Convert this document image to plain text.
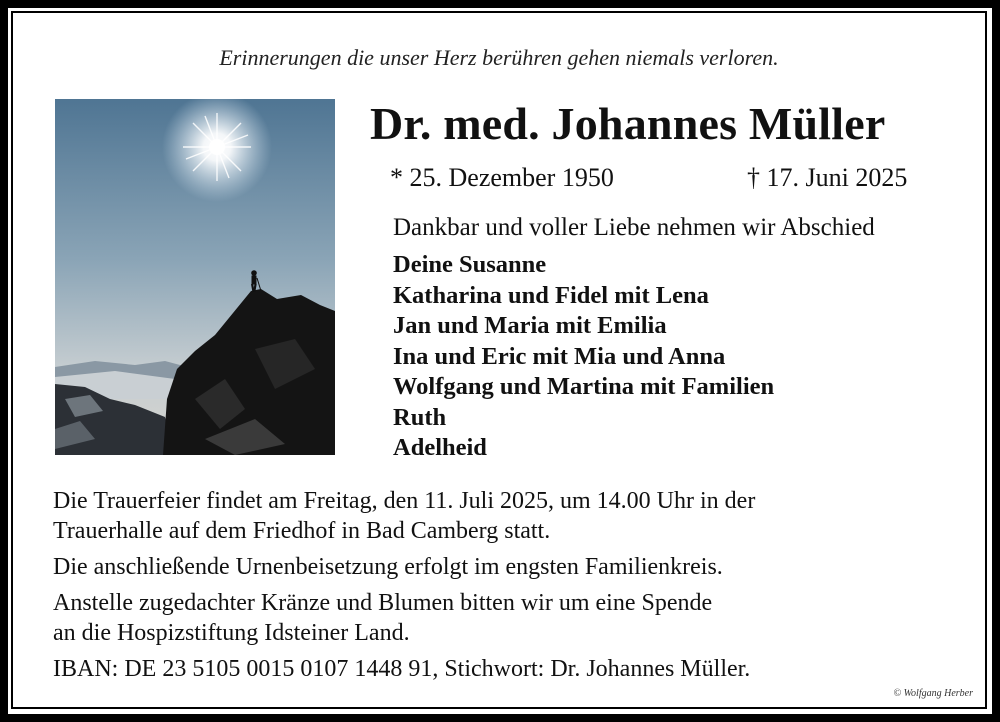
Erinnerungen die unser Herz berühren gehen niemals verloren.
Dr. med. Johannes Müller
* 25. Dezember 1950	† 17. Juni 2025
Dankbar und voller Liebe nehmen wir Abschied
Deine Susanne
Katharina und Fidel mit Lena
Jan und Maria mit Emilia
Ina und Eric mit Mia und Anna
Wolfgang und Martina mit Familien
Ruth
Adelheid
Die Trauerfeier findet am Freitag, den 11. Juli 2025, um 14.00 Uhr in der
Trauerhalle auf dem Friedhof in Bad Camberg statt.
Die anschließende Urnenbeisetzung erfolgt im engsten Familienkreis.
Anstelle zugedachter Kränze und Blumen bitten wir um eine Spende
an die Hospizstiftung Idsteiner Land.
IBAN: DE 23 5105 0015 0107 1448 91, Stichwort: Dr. Johannes Müller.
© Wolfgang Herber
